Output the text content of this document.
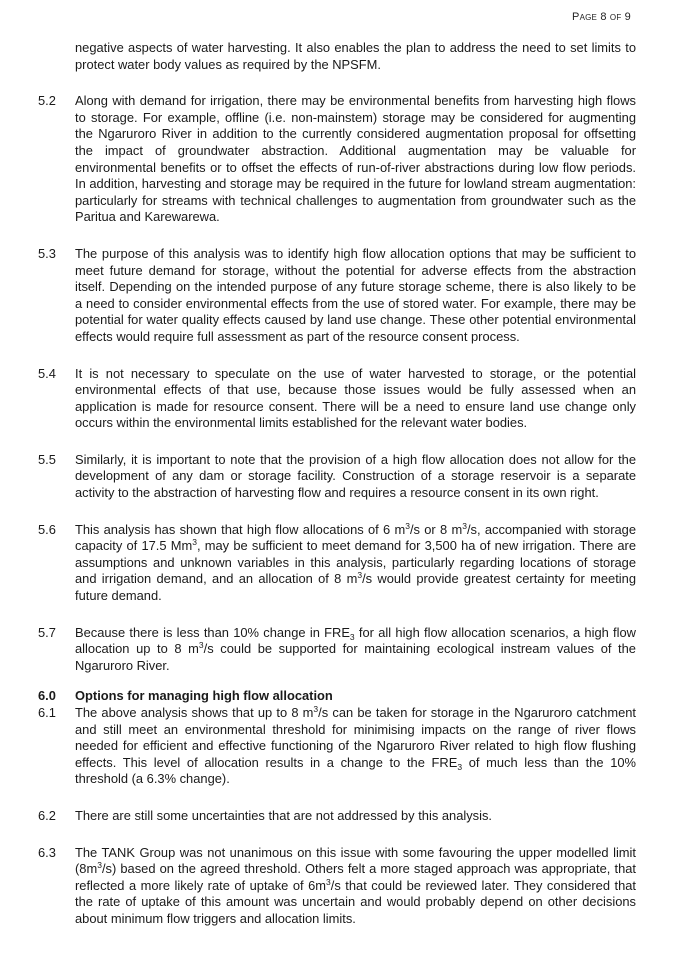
Page 8 of 9
negative aspects of water harvesting. It also enables the plan to address the need to set limits to protect water body values as required by the NPSFM.
5.2	Along with demand for irrigation, there may be environmental benefits from harvesting high flows to storage. For example, offline (i.e. non-mainstem) storage may be considered for augmenting the Ngaruroro River in addition to the currently considered augmentation proposal for offsetting the impact of groundwater abstraction. Additional augmentation may be valuable for environmental benefits or to offset the effects of run-of-river abstractions during low flow periods. In addition, harvesting and storage may be required in the future for lowland stream augmentation: particularly for streams with technical challenges to augmentation from groundwater such as the Paritua and Karewarewa.
5.3	The purpose of this analysis was to identify high flow allocation options that may be sufficient to meet future demand for storage, without the potential for adverse effects from the abstraction itself. Depending on the intended purpose of any future storage scheme, there is also likely to be a need to consider environmental effects from the use of stored water. For example, there may be potential for water quality effects caused by land use change. These other potential environmental effects would require full assessment as part of the resource consent process.
5.4	It is not necessary to speculate on the use of water harvested to storage, or the potential environmental effects of that use, because those issues would be fully assessed when an application is made for resource consent. There will be a need to ensure land use change only occurs within the environmental limits established for the relevant water bodies.
5.5	Similarly, it is important to note that the provision of a high flow allocation does not allow for the development of any dam or storage facility. Construction of a storage reservoir is a separate activity to the abstraction of harvesting flow and requires a resource consent in its own right.
5.6	This analysis has shown that high flow allocations of 6 $m^3/s$ or 8 $m^3/s$, accompanied with storage capacity of 17.5 Mm$^3$, may be sufficient to meet demand for 3,500 ha of new irrigation. There are assumptions and unknown variables in this analysis, particularly regarding locations of storage and irrigation demand, and an allocation of 8 $m^3/s$ would provide greatest certainty for meeting future demand.
5.7	Because there is less than 10% change in $FRE_3$ for all high flow allocation scenarios, a high flow allocation up to 8 $m^3/s$ could be supported for maintaining ecological instream values of the Ngaruroro River.
6.0	Options for managing high flow allocation
6.1	The above analysis shows that up to 8 $m^3/s$ can be taken for storage in the Ngaruroro catchment and still meet an environmental threshold for minimising impacts on the range of river flows needed for efficient and effective functioning of the Ngaruroro River related to high flow flushing effects. This level of allocation results in a change to the $FRE_3$ of much less than the 10% threshold (a 6.3% change).
6.2	There are still some uncertainties that are not addressed by this analysis.
6.3	The TANK Group was not unanimous on this issue with some favouring the upper modelled limit $(8m^3/s)$ based on the agreed threshold. Others felt a more staged approach was appropriate, that reflected a more likely rate of uptake of $6m^3/s$ that could be reviewed later. They considered that the rate of uptake of this amount was uncertain and would probably depend on other decisions about minimum flow triggers and allocation limits.
